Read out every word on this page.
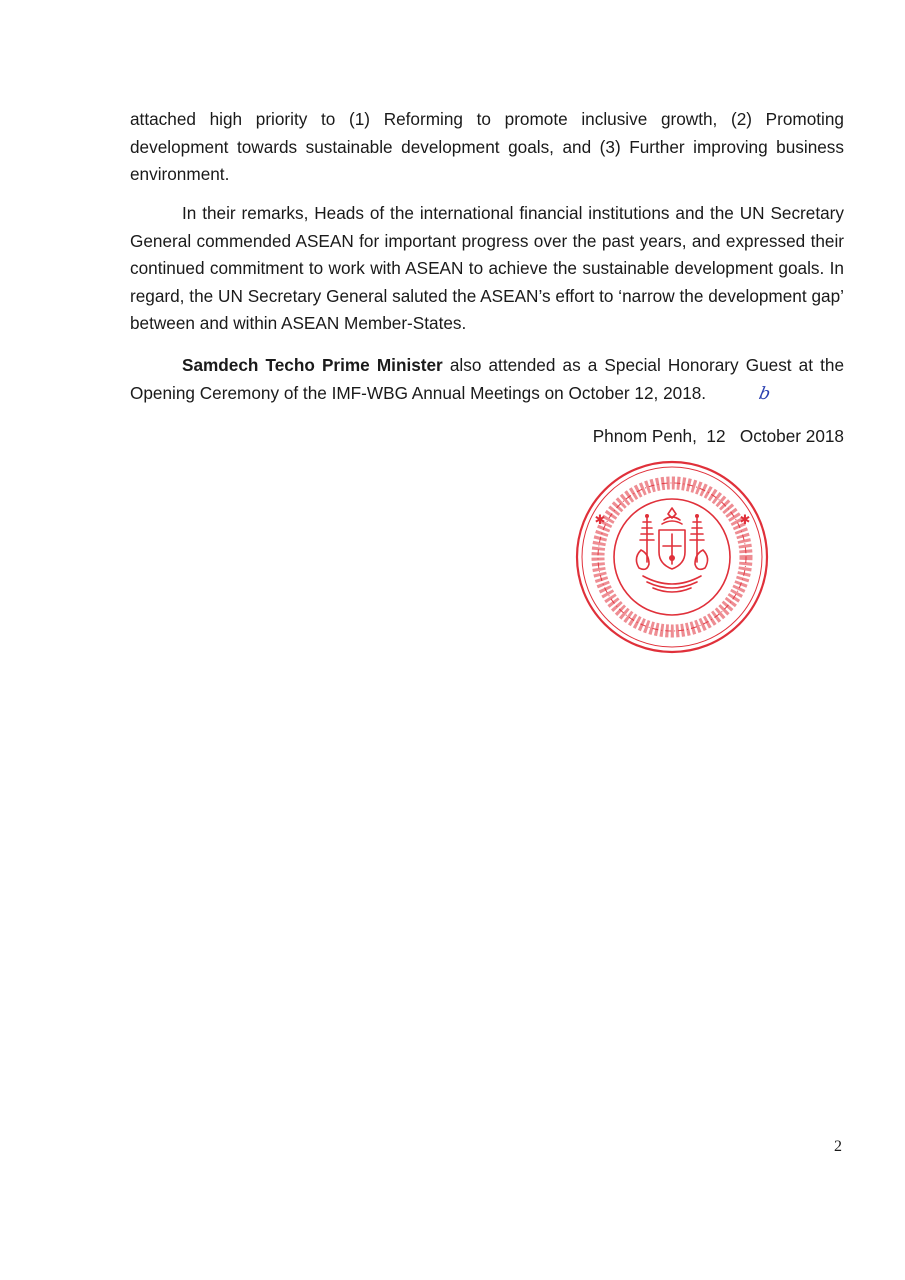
attached high priority to (1) Reforming to promote inclusive growth, (2) Promoting development towards sustainable development goals, and (3) Further improving business environment.

In their remarks, Heads of the international financial institutions and the UN Secretary General commended ASEAN for important progress over the past years, and expressed their continued commitment to work with ASEAN to achieve the sustainable development goals. In regard, the UN Secretary General saluted the ASEAN’s effort to ‘narrow the development gap’ between and within ASEAN Member-States.

Samdech Techo Prime Minister also attended as a Special Honorary Guest at the Opening Ceremony of the IMF-WBG Annual Meetings on October 12, 2018.	b

Phnom Penh,  12   October 2018
✱	✱
2
